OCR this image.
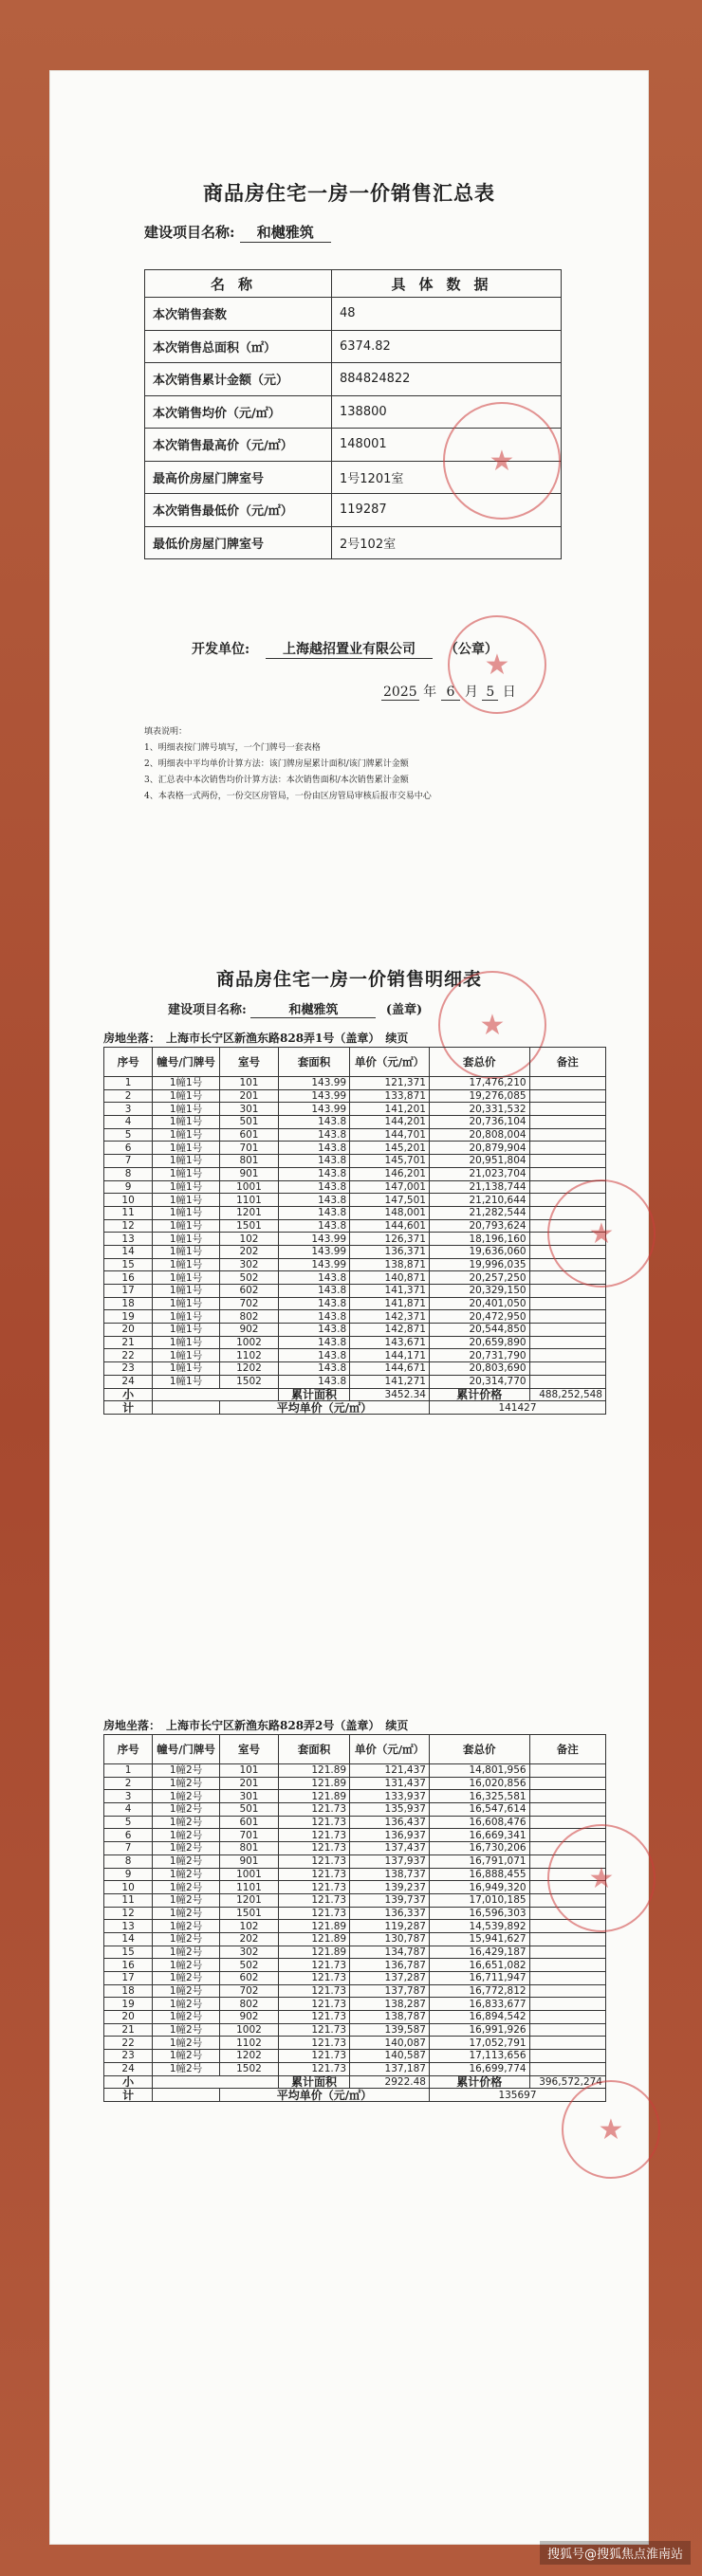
商品房住宅一房一价销售汇总表
建设项目名称: 和樾雅筑
名称	具体数据
本次销售套数	48
本次销售总面积（㎡）	6374.82
本次销售累计金额（元）	884824822
本次销售均价（元/㎡）	138800
本次销售最高价（元/㎡）	148001
最高价房屋门牌室号	1号1201室
本次销售最低价（元/㎡）	119287
最低价房屋门牌室号	2号102室
★
开发单位: 上海越招置业有限公司 （公章）
★
2025 年 6 月 5 日
填表说明：
1、明细表按门牌号填写，一个门牌号一套表格
2、明细表中平均单价计算方法：该门牌房屋累计面积/该门牌累计金额
3、汇总表中本次销售均价计算方法：本次销售面积/本次销售累计金额
4、本表格一式两份，一份交区房管局，一份由区房管局审核后报市交易中心
商品房住宅一房一价销售明细表
建设项目名称:	和樾雅筑	(盖章)	★
房地坐落：　上海市长宁区新渔东路828弄1号（盖章）　续页
序号	幢号/门牌号	室号	套面积	单价（元/㎡）	套总价	备注
1	1幢1号	101	143.99	121,371	17,476,210	
2	1幢1号	201	143.99	133,871	19,276,085	
3	1幢1号	301	143.99	141,201	20,331,532	
4	1幢1号	501	143.8	144,201	20,736,104	
5	1幢1号	601	143.8	144,701	20,808,004	
6	1幢1号	701	143.8	145,201	20,879,904	
7	1幢1号	801	143.8	145,701	20,951,804	
8	1幢1号	901	143.8	146,201	21,023,704	
9	1幢1号	1001	143.8	147,001	21,138,744	
10	1幢1号	1101	143.8	147,501	21,210,644	
11	1幢1号	1201	143.8	148,001	21,282,544	
12	1幢1号	1501	143.8	144,601	20,793,624	
13	1幢1号	102	143.99	126,371	18,196,160	
14	1幢1号	202	143.99	136,371	19,636,060	
15	1幢1号	302	143.99	138,871	19,996,035	
16	1幢1号	502	143.8	140,871	20,257,250	
17	1幢1号	602	143.8	141,371	20,329,150	
18	1幢1号	702	143.8	141,871	20,401,050	
19	1幢1号	802	143.8	142,371	20,472,950	
20	1幢1号	902	143.8	142,871	20,544,850	
21	1幢1号	1002	143.8	143,671	20,659,890	
22	1幢1号	1102	143.8	144,171	20,731,790	
23	1幢1号	1202	143.8	144,671	20,803,690	
24	1幢1号	1502	143.8	141,271	20,314,770	
小			累计面积	3452.34	累计价格	488,252,548
计		平均单价（元/㎡）			141427	
★
房地坐落：　上海市长宁区新渔东路828弄2号（盖章）　续页
序号	幢号/门牌号	室号	套面积	单价（元/㎡）	套总价	备注
1	1幢2号	101	121.89	121,437	14,801,956	
2	1幢2号	201	121.89	131,437	16,020,856	
3	1幢2号	301	121.89	133,937	16,325,581	
4	1幢2号	501	121.73	135,937	16,547,614	
5	1幢2号	601	121.73	136,437	16,608,476	
6	1幢2号	701	121.73	136,937	16,669,341	
7	1幢2号	801	121.73	137,437	16,730,206	
8	1幢2号	901	121.73	137,937	16,791,071	
9	1幢2号	1001	121.73	138,737	16,888,455	
10	1幢2号	1101	121.73	139,237	16,949,320	
11	1幢2号	1201	121.73	139,737	17,010,185	
12	1幢2号	1501	121.73	136,337	16,596,303	
13	1幢2号	102	121.89	119,287	14,539,892	
14	1幢2号	202	121.89	130,787	15,941,627	
15	1幢2号	302	121.89	134,787	16,429,187	
16	1幢2号	502	121.73	136,787	16,651,082	
17	1幢2号	602	121.73	137,287	16,711,947	
18	1幢2号	702	121.73	137,787	16,772,812	
19	1幢2号	802	121.73	138,287	16,833,677	
20	1幢2号	902	121.73	138,787	16,894,542	
21	1幢2号	1002	121.73	139,587	16,991,926	
22	1幢2号	1102	121.73	140,087	17,052,791	
23	1幢2号	1202	121.73	140,587	17,113,656	
24	1幢2号	1502	121.73	137,187	16,699,774	
小			累计面积	2922.48	累计价格	396,572,274
计		平均单价（元/㎡）			135697	
★
★
搜狐号@搜狐焦点淮南站
